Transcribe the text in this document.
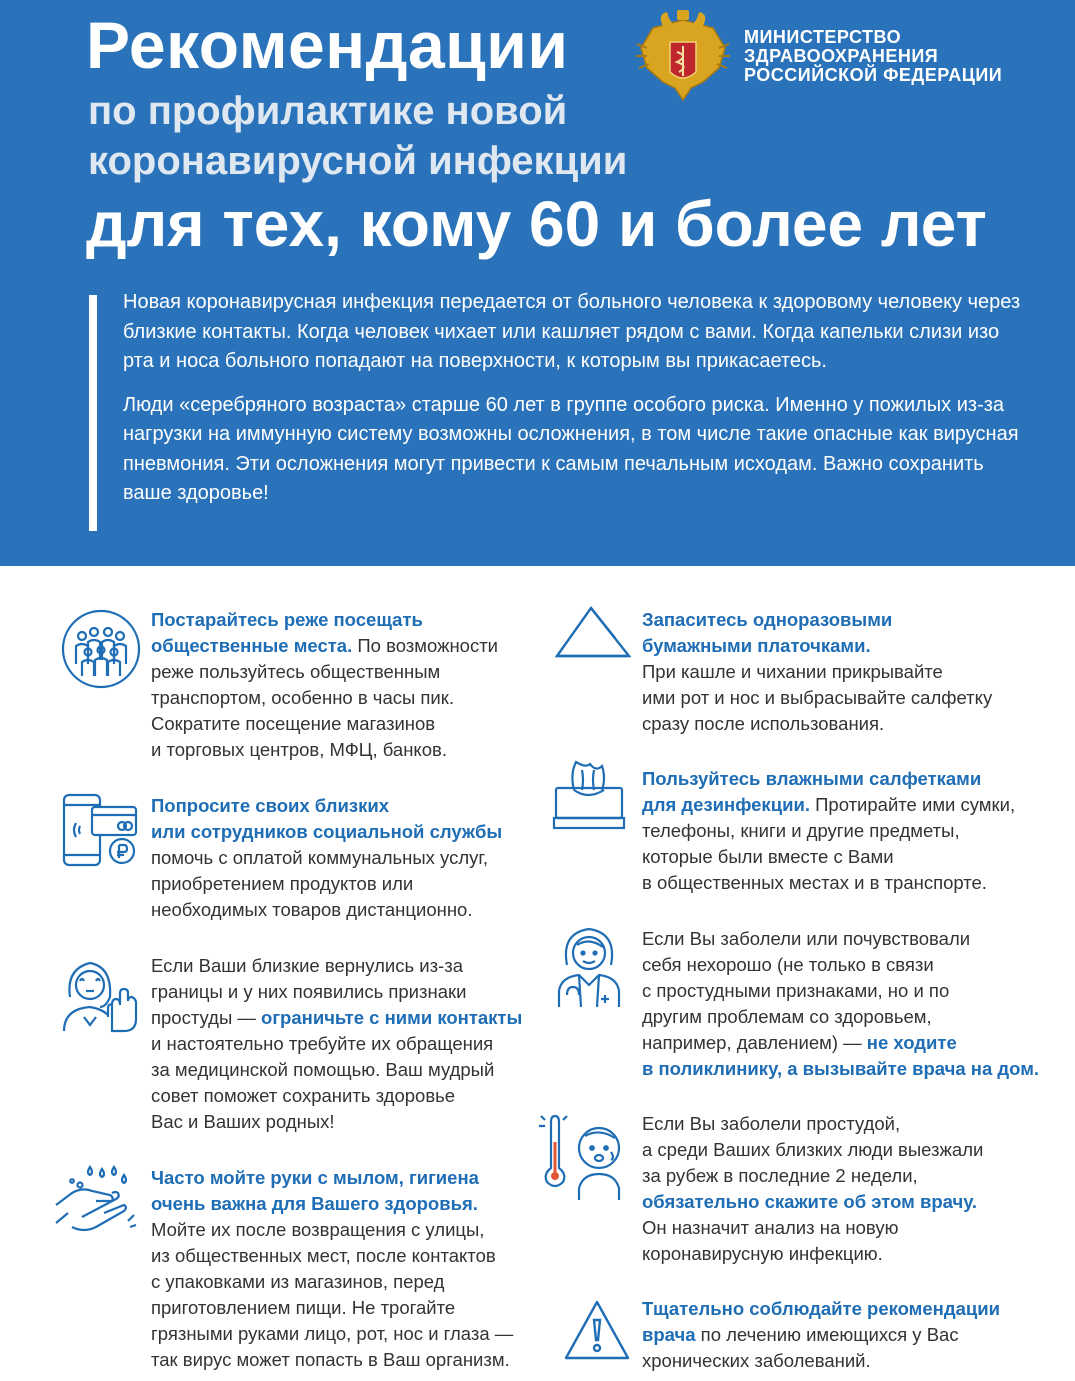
Рекомендации
по профилактике новой
коронавирусной инфекции
для тех, кому 60 и более лет
МИНИСТЕРСТВО
ЗДРАВООХРАНЕНИЯ
РОССИЙСКОЙ ФЕДЕРАЦИИ

Новая коронавирусная инфекция передается от больного человека к здоровому человеку через близкие контакты. Когда человек чихает или кашляет рядом с вами. Когда капельки слизи изо рта и носа больного попадают на поверхности, к которым вы прикасаетесь.

Люди «серебряного возраста» старше 60 лет в группе особого риска. Именно у пожилых из-за нагрузки на иммунную систему возможны осложнения, в том числе такие опасные как вирусная пневмония. Эти осложнения могут привести к самым печальным исходам. Важно сохранить ваше здоровье!

Постарайтесь реже посещать
общественные места. По возможности
реже пользуйтесь общественным
транспортом, особенно в часы пик.
Сократите посещение магазинов
и торговых центров, МФЦ, банков.
Попросите своих близких
или сотрудников социальной службы
помочь с оплатой коммунальных услуг,
приобретением продуктов или
необходимых товаров дистанционно.
Если Ваши близкие вернулись из-за
границы и у них появились признаки
простуды — ограничьте с ними контакты
и настоятельно требуйте их обращения
за медицинской помощью. Ваш мудрый
совет поможет сохранить здоровье
Вас и Ваших родных!
Часто мойте руки с мылом, гигиена
очень важна для Вашего здоровья.
Мойте их после возвращения с улицы,
из общественных мест, после контактов
с упаковками из магазинов, перед
приготовлением пищи. Не трогайте
грязными руками лицо, рот, нос и глаза —
так вирус может попасть в Ваш организм.
Запаситесь одноразовыми
бумажными платочками.
При кашле и чихании прикрывайте
ими рот и нос и выбрасывайте салфетку
сразу после использования.
Пользуйтесь влажными салфетками
для дезинфекции. Протирайте ими сумки,
телефоны, книги и другие предметы,
которые были вместе с Вами
в общественных местах и в транспорте.
Если Вы заболели или почувствовали
себя нехорошо (не только в связи
с простудными признаками, но и по
другим проблемам со здоровьем,
например, давлением) — не ходите
в поликлинику, а вызывайте врача на дом.
Если Вы заболели простудой,
а среди Ваших близких люди выезжали
за рубеж в последние 2 недели,
обязательно скажите об этом врачу.
Он назначит анализ на новую
коронавирусную инфекцию.
Тщательно соблюдайте рекомендации
врача по лечению имеющихся у Вас
хронических заболеваний.
